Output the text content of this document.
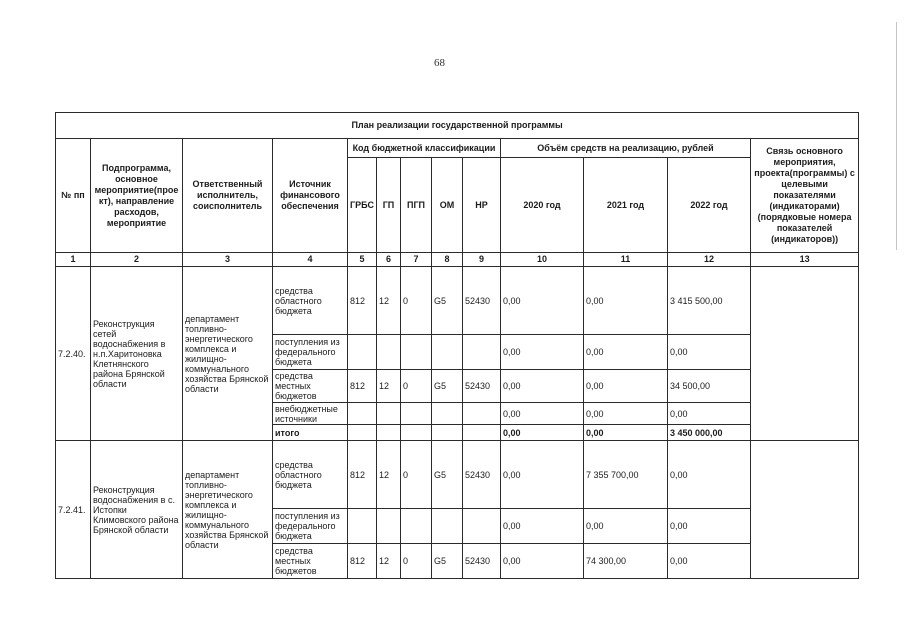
68
План реализации государственной программы												
№ пп	Подпрограмма, основное мероприятие(проект), направление расходов, мероприятие	Ответственный исполнитель, соисполнитель	Источник финансового обеспечения	Код бюджетной классификации					Объём средств на реализацию, рублей			Связь основного мероприятия, проекта(программы) с целевыми показателями (индикаторами) (порядковые номера показателей (индикаторов))
				ГРБС	ГП	ПГП	ОМ	НР	2020 год	2021 год	2022 год	
1	2	3	4	5	6	7	8	9	10	11	12	13
7.2.40.	Реконструкция сетей водоснабжения в н.п.Харитоновка Клетнянского района Брянской области	департамент топливно-энергетического комплекса и жилищно-коммунального хозяйства Брянской области	средства областного бюджета	812	12	0	G5	52430	0,00	0,00	3 415 500,00	
			поступления из федерального бюджета						0,00	0,00	0,00	
			средства местных бюджетов	812	12	0	G5	52430	0,00	0,00	34 500,00	
			внебюджетные источники						0,00	0,00	0,00	
			итого						0,00	0,00	3 450 000,00	
7.2.41.	Реконструкция водоснабжения в с. Истопки Климовского района Брянской области	департамент топливно-энергетического комплекса и жилищно-коммунального хозяйства Брянской области	средства областного бюджета	812	12	0	G5	52430	0,00	7 355 700,00	0,00	
			поступления из федерального бюджета						0,00	0,00	0,00	
			средства местных бюджетов	812	12	0	G5	52430	0,00	74 300,00	0,00	
